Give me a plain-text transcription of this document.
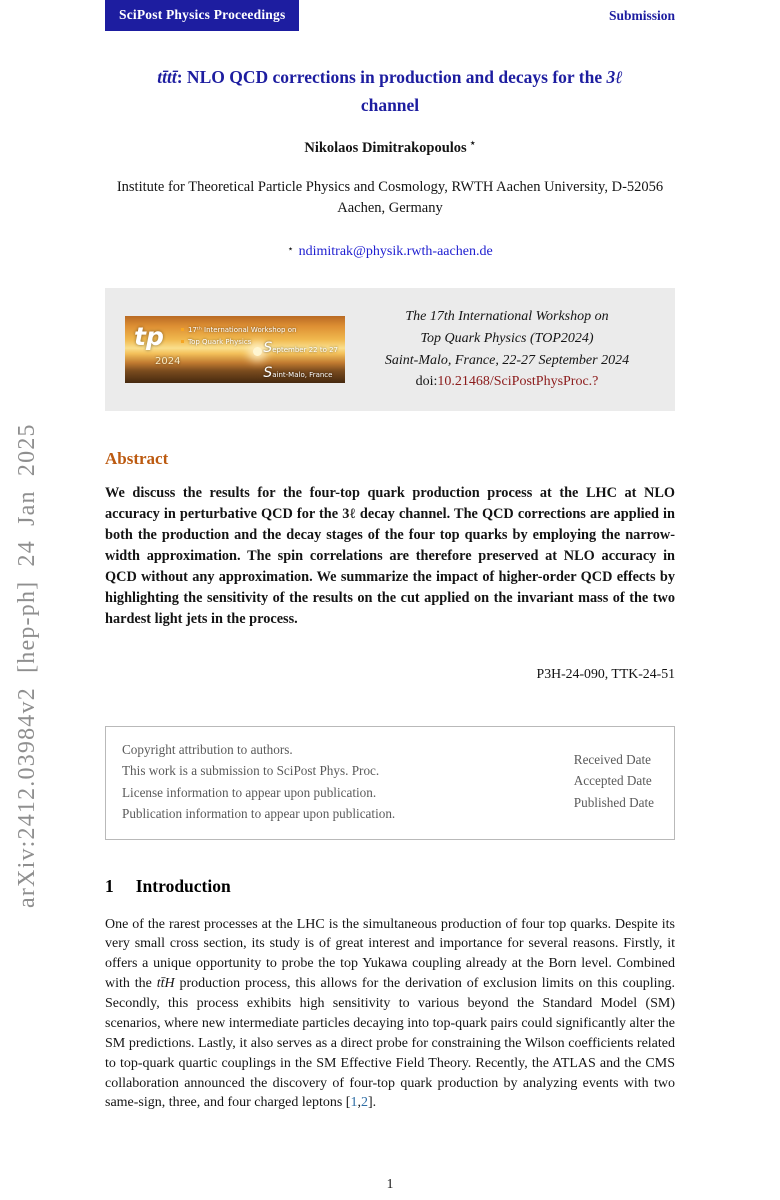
arXiv:2412.03984v2 [hep-ph] 24 Jan 2025
SciPost Physics Proceedings	Submission
tt̄tt̄: NLO QCD corrections in production and decays for the 3ℓ
channel
Nikolaos Dimitrakopoulos ⋆
Institute for Theoretical Particle Physics and Cosmology, RWTH Aachen University, D-52056 Aachen, Germany
⋆ ndimitrak@physik.rwth-aachen.de
tp
2024
17ᵗʰ International Workshop on
Top Quark Physics	September 22 to 27
Saint-Malo, France
The 17th International Workshop on
Top Quark Physics (TOP2024)
Saint-Malo, France, 22-27 September 2024
doi:10.21468/SciPostPhysProc.?
Abstract
We discuss the results for the four-top quark production process at the LHC at NLO accuracy in perturbative QCD for the 3ℓ decay channel. The QCD corrections are applied in both the production and the decay stages of the four top quarks by employing the narrow-width approximation. The spin correlations are therefore preserved at NLO accuracy in QCD without any approximation. We summarize the impact of higher-order QCD effects by highlighting the sensitivity of the results on the cut applied on the invariant mass of the two hardest light jets in the process.
P3H-24-090, TTK-24-51
Copyright attribution to authors.
This work is a submission to SciPost Phys. Proc.
License information to appear upon publication.
Publication information to appear upon publication.
Received Date
Accepted Date
Published Date
1 Introduction
One of the rarest processes at the LHC is the simultaneous production of four top quarks. Despite its very small cross section, its study is of great interest and importance for several reasons. Firstly, it offers a unique opportunity to probe the top Yukawa coupling already at the Born level. Combined with the tt̄H production process, this allows for the derivation of exclusion limits on this coupling. Secondly, this process exhibits high sensitivity to various beyond the Standard Model (SM) scenarios, where new intermediate particles decaying into top-quark pairs could significantly alter the SM predictions. Lastly, it also serves as a direct probe for constraining the Wilson coefficients related to top-quark quartic couplings in the SM Effective Field Theory. Recently, the ATLAS and the CMS collaboration announced the discovery of four-top quark production by analyzing events with two same-sign, three, and four charged leptons [1,2].
1
